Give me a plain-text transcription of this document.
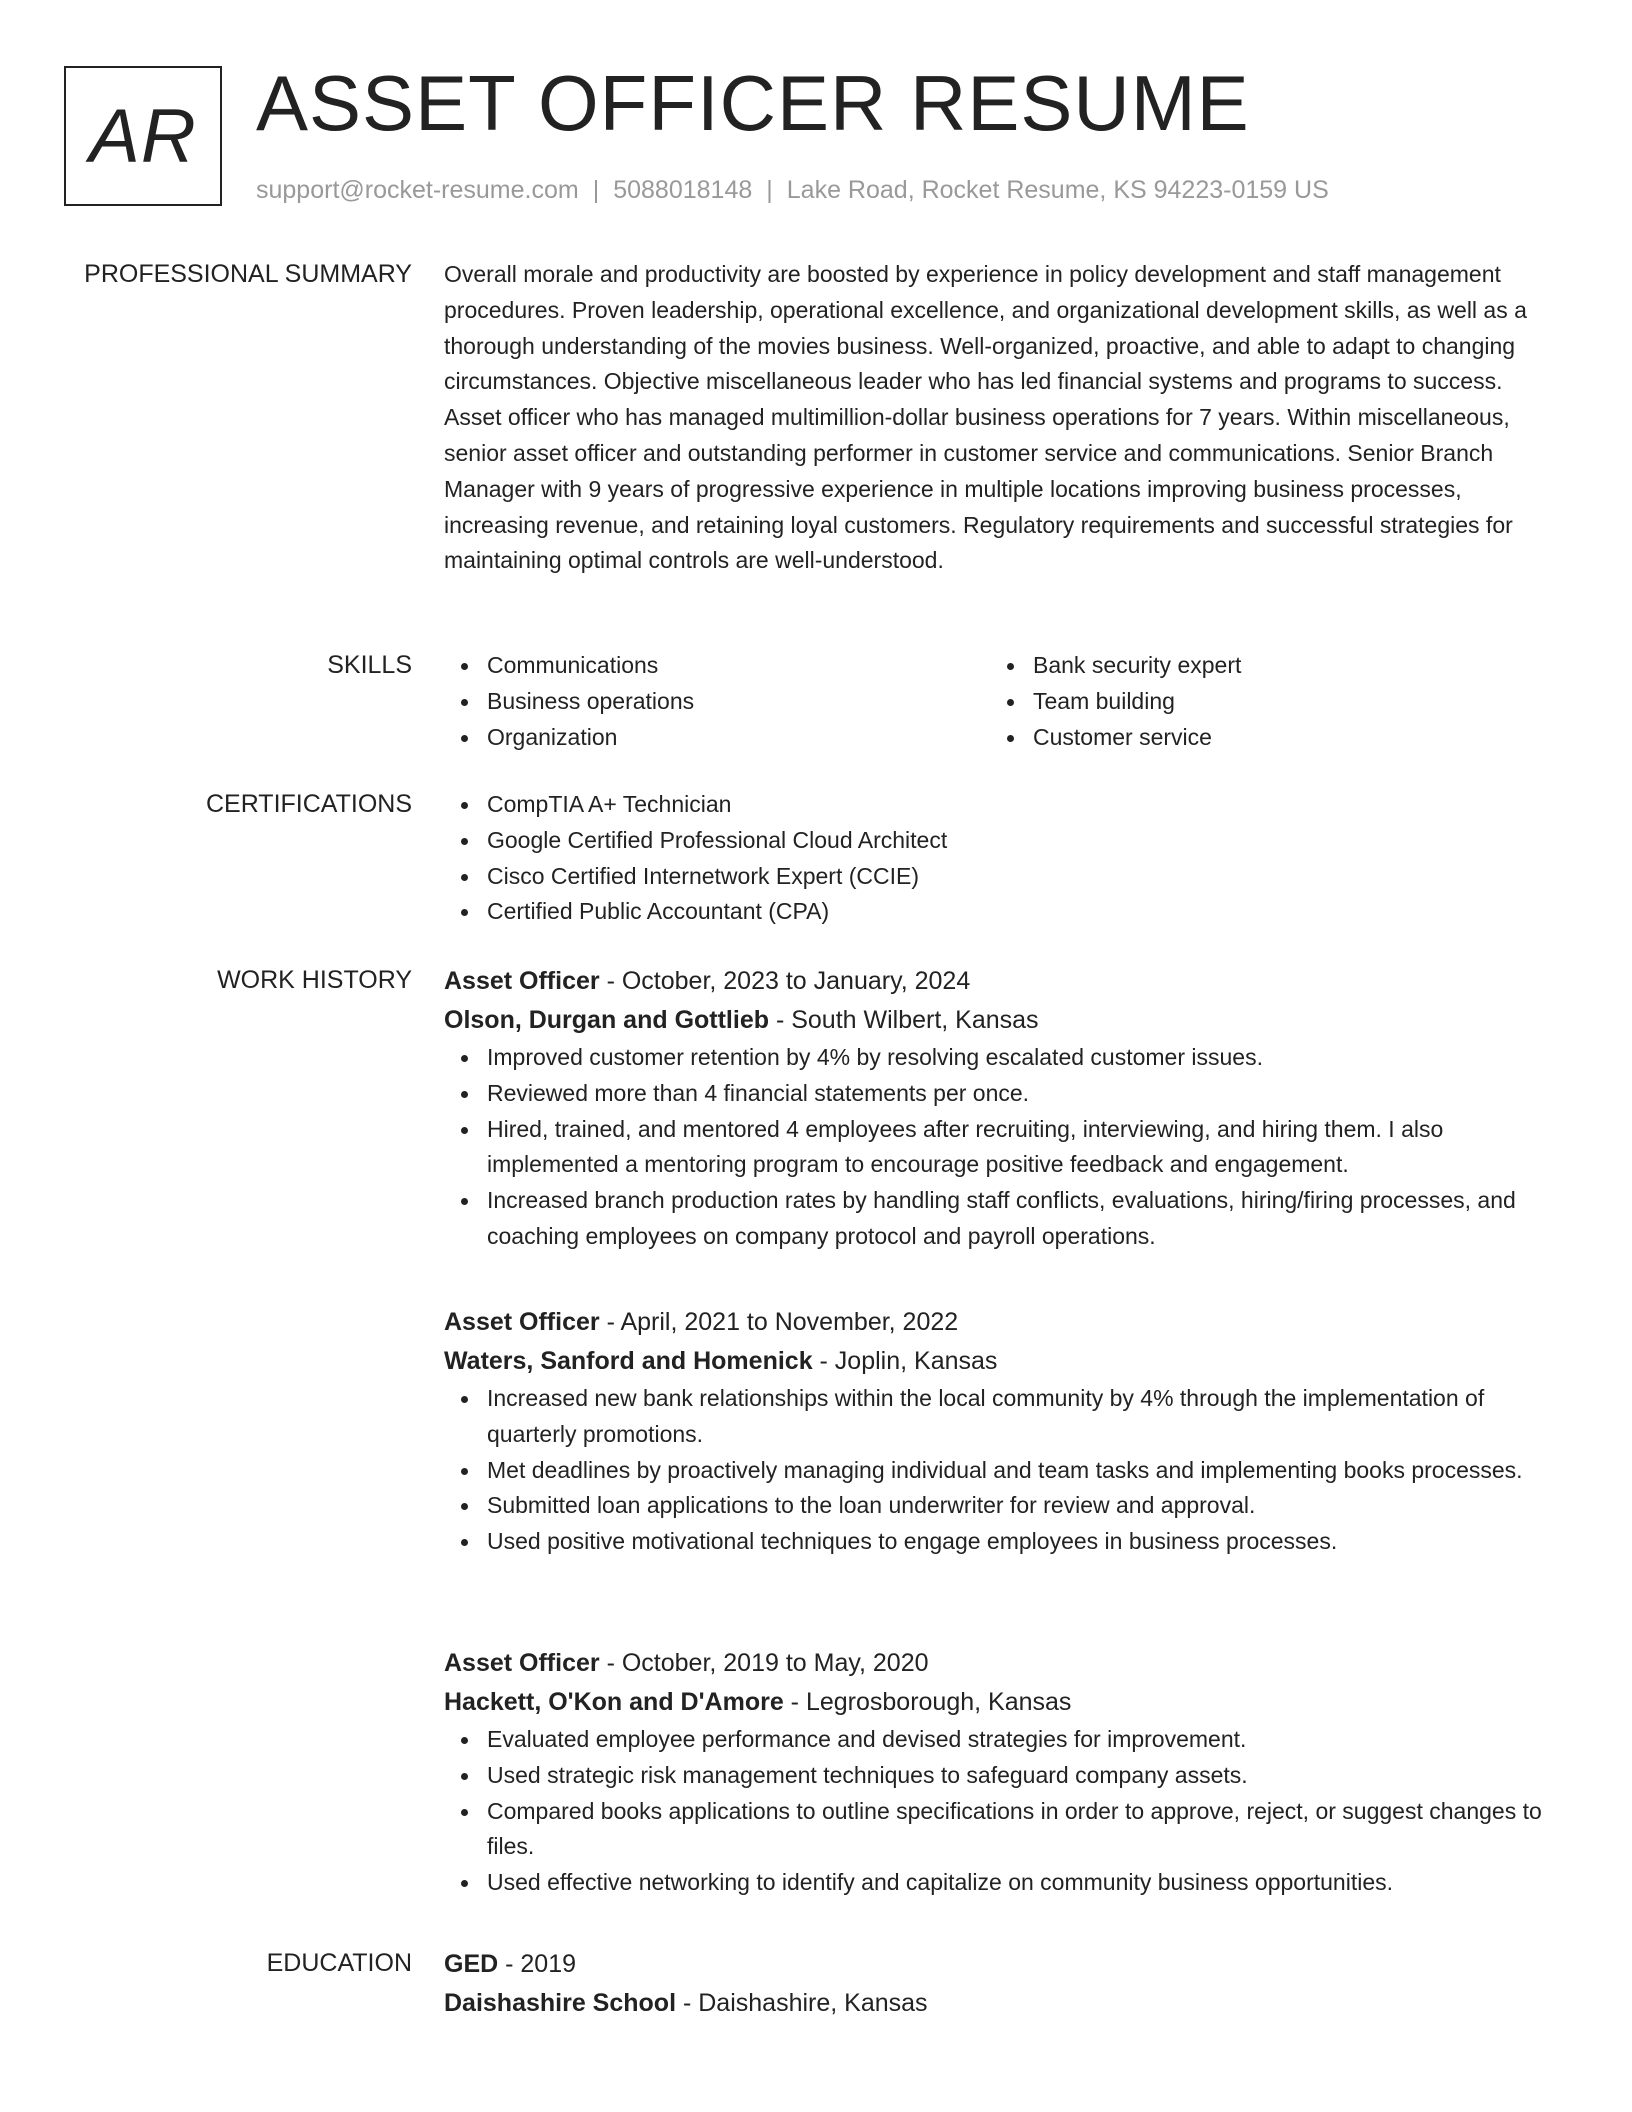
AR ASSET OFFICER RESUME
support@rocket-resume.com | 5088018148 | Lake Road, Rocket Resume, KS 94223-0159 US
PROFESSIONAL SUMMARY Overall morale and productivity are boosted by experience in policy development and staff management procedures. Proven leadership, operational excellence, and organizational development skills, as well as a thorough understanding of the movies business. Well-organized, proactive, and able to adapt to changing circumstances. Objective miscellaneous leader who has led financial systems and programs to success. Asset officer who has managed multimillion-dollar business operations for 7 years. Within miscellaneous, senior asset officer and outstanding performer in customer service and communications. Senior Branch Manager with 9 years of progressive experience in multiple locations improving business processes, increasing revenue, and retaining loyal customers. Regulatory requirements and successful strategies for maintaining optimal controls are well-understood.

SKILLS	Communications
Business operations
Organization
Bank security expert
Team building
Customer service
CERTIFICATIONS	CompTIA A+ Technician
Google Certified Professional Cloud Architect
Cisco Certified Internetwork Expert (CCIE)
Certified Public Accountant (CPA)
WORK HISTORY Asset Officer - October, 2023 to January, 2024
Olson, Durgan and Gottlieb - South Wilbert, Kansas
Improved customer retention by 4% by resolving escalated customer issues.
Reviewed more than 4 financial statements per once.
Hired, trained, and mentored 4 employees after recruiting, interviewing, and hiring them. I also implemented a mentoring program to encourage positive feedback and engagement.
Increased branch production rates by handling staff conflicts, evaluations, hiring/firing processes, and coaching employees on company protocol and payroll operations.
Asset Officer - April, 2021 to November, 2022
Waters, Sanford and Homenick - Joplin, Kansas
Increased new bank relationships within the local community by 4% through the implementation of quarterly promotions.
Met deadlines by proactively managing individual and team tasks and implementing books processes.
Submitted loan applications to the loan underwriter for review and approval.
Used positive motivational techniques to engage employees in business processes.
Asset Officer - October, 2019 to May, 2020
Hackett, O'Kon and D'Amore - Legrosborough, Kansas
Evaluated employee performance and devised strategies for improvement.
Used strategic risk management techniques to safeguard company assets.
Compared books applications to outline specifications in order to approve, reject, or suggest changes to files.
Used effective networking to identify and capitalize on community business opportunities.
EDUCATION GED - 2019
Daishashire School - Daishashire, Kansas
